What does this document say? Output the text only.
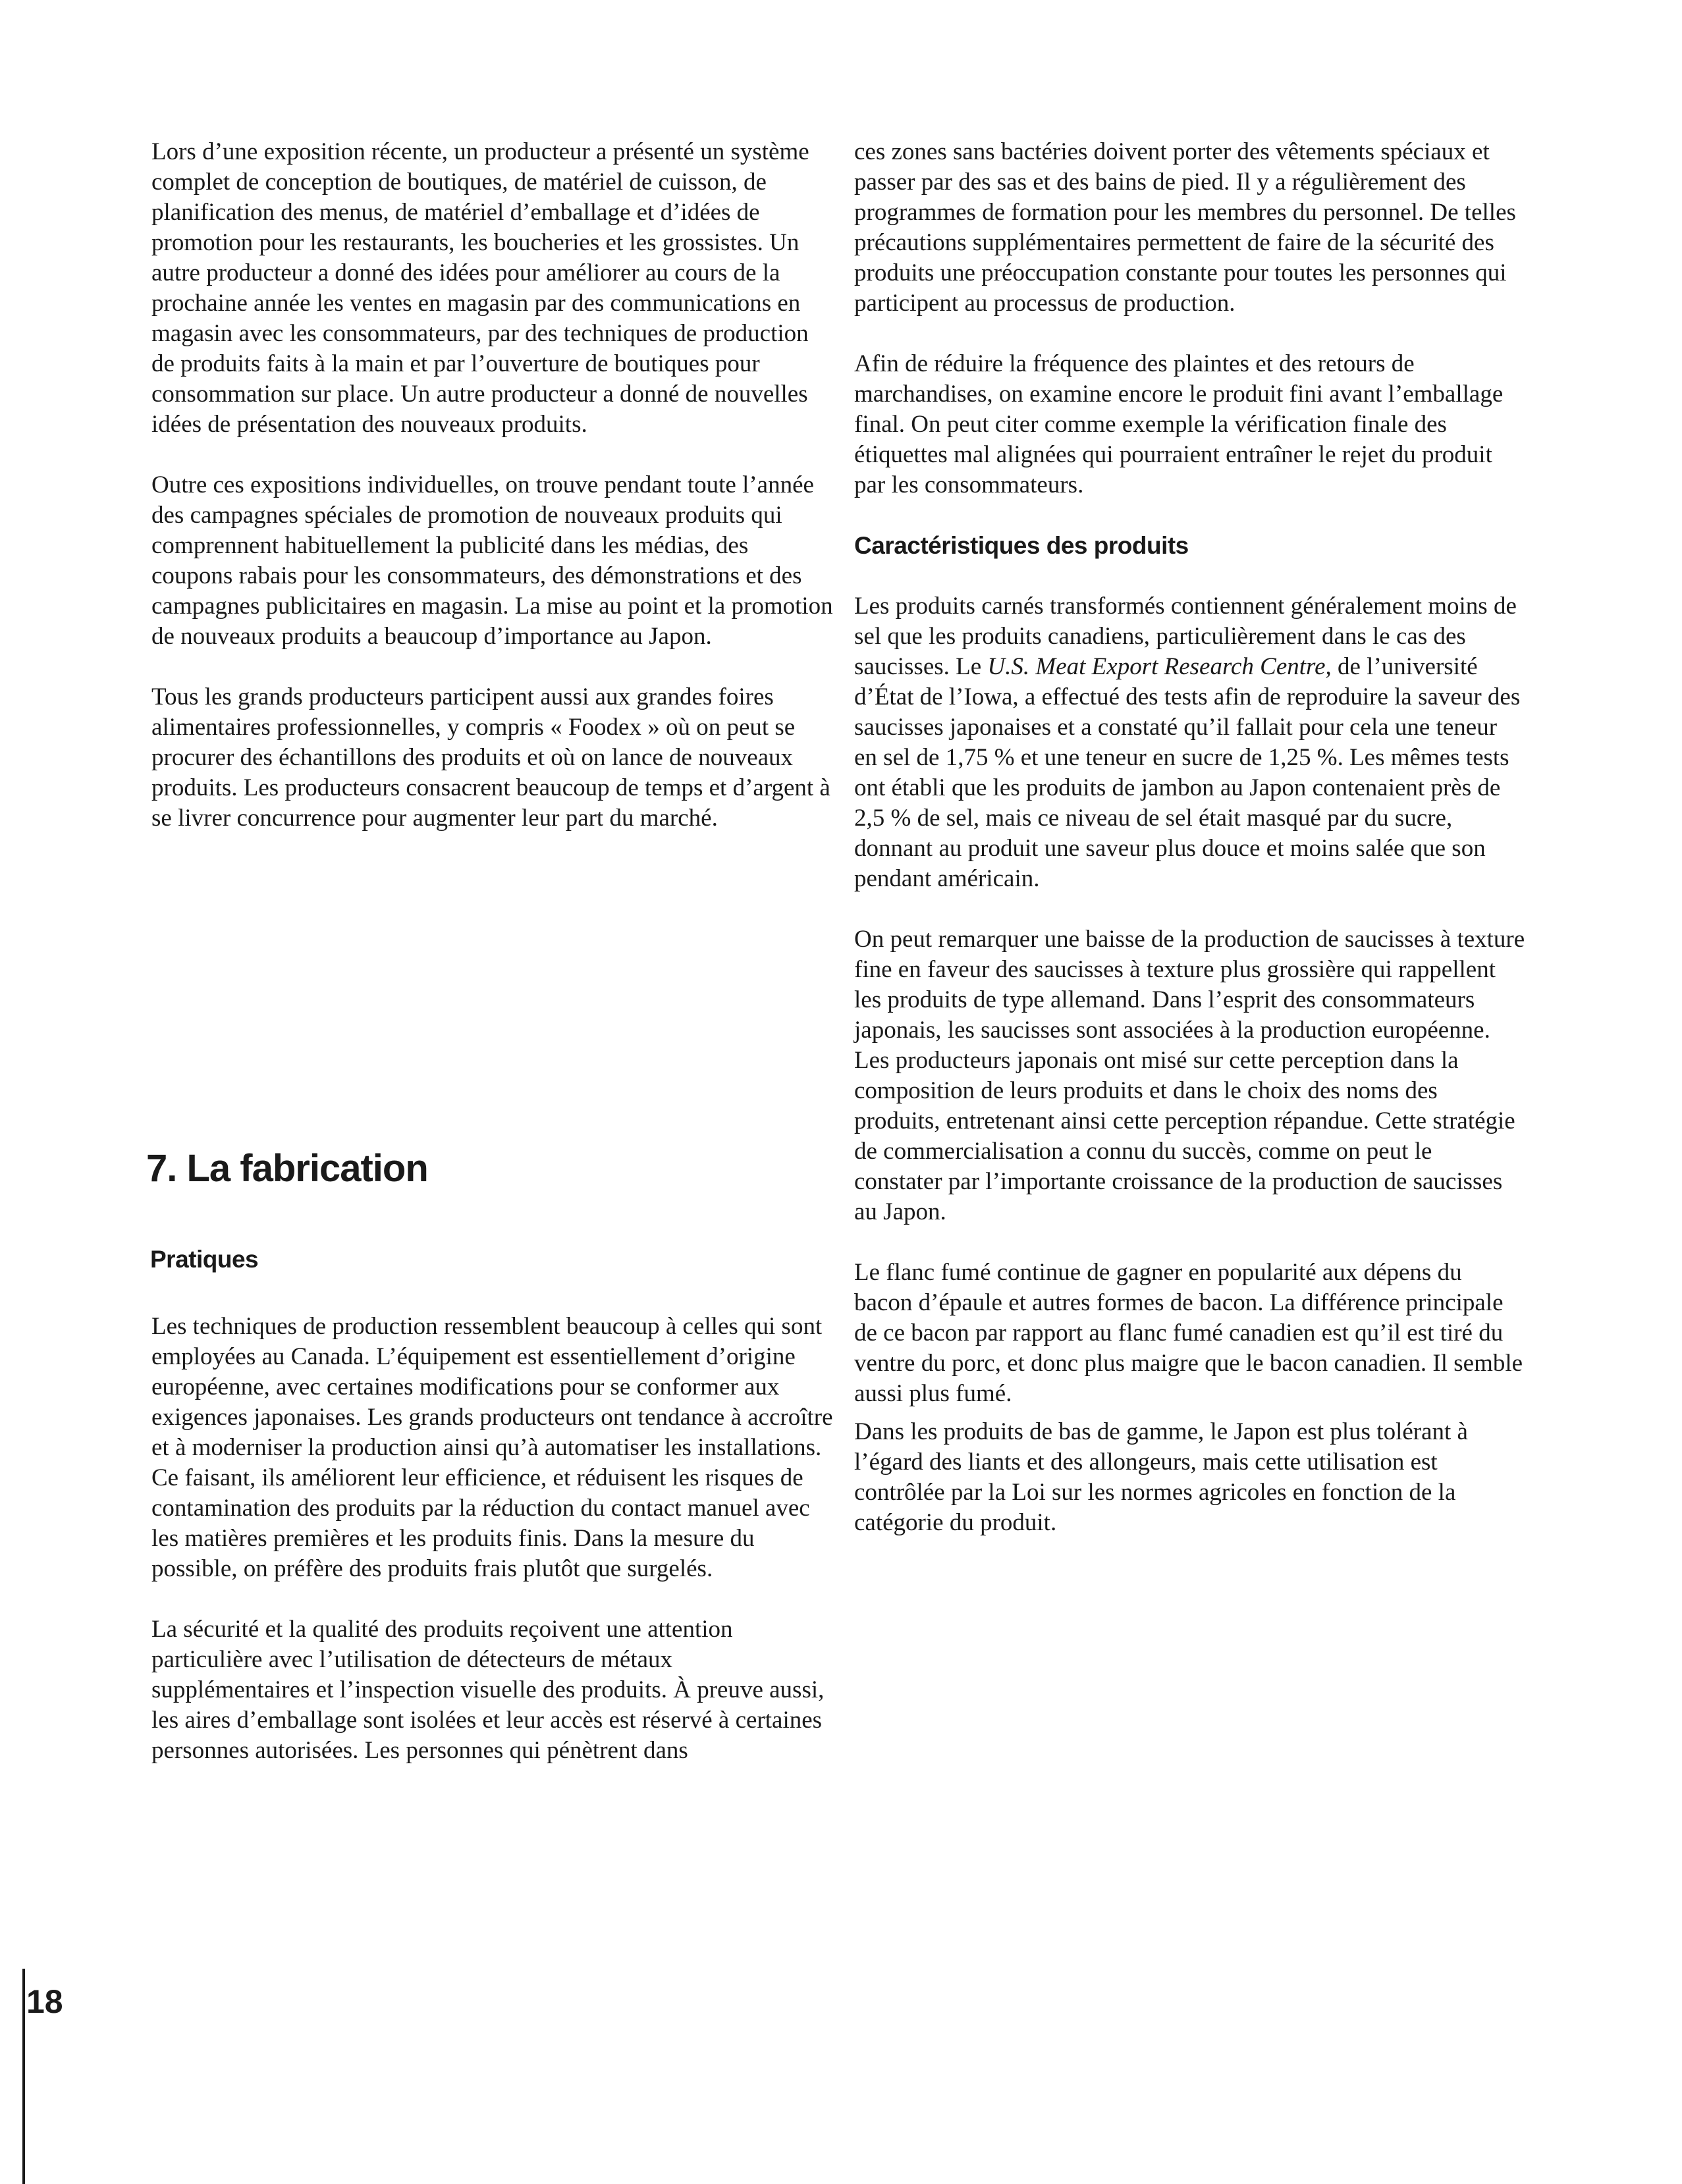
Lors d’une exposition récente, un producteur a présenté un système complet de conception de boutiques, de matériel de cuisson, de planification des menus, de matériel d’emballage et d’idées de promotion pour les restaurants, les boucheries et les grossistes. Un autre producteur a donné des idées pour améliorer au cours de la prochaine année les ventes en magasin par des communications en magasin avec les consommateurs, par des techniques de production de produits faits à la main et par l’ouverture de boutiques pour consommation sur place. Un autre producteur a donné de nouvelles idées de présentation des nouveaux produits.

Outre ces expositions individuelles, on trouve pendant toute l’année des campagnes spéciales de promotion de nouveaux produits qui comprennent habituellement la publicité dans les médias, des coupons rabais pour les consommateurs, des démonstrations et des campagnes publicitaires en magasin. La mise au point et la promotion de nouveaux produits a beaucoup d’importance au Japon.

Tous les grands producteurs participent aussi aux grandes foires alimentaires professionnelles, y compris « Foodex » où on peut se procurer des échantillons des produits et où on lance de nouveaux produits. Les producteurs consacrent beaucoup de temps et d’argent à se livrer concurrence pour augmenter leur part du marché.

7. La fabrication
Pratiques

Les techniques de production ressemblent beaucoup à celles qui sont employées au Canada. L’équipement est essentiellement d’origine européenne, avec certaines modifications pour se conformer aux exigences japonaises. Les grands producteurs ont tendance à accroître et à moderniser la production ainsi qu’à automatiser les installations. Ce faisant, ils améliorent leur efficience, et réduisent les risques de contamination des produits par la réduction du contact manuel avec les matières premières et les produits finis. Dans la mesure du possible, on préfère des produits frais plutôt que surgelés.

La sécurité et la qualité des produits reçoivent une attention particulière avec l’utilisation de détecteurs de métaux supplémentaires et l’inspection visuelle des produits. À preuve aussi, les aires d’emballage sont isolées et leur accès est réservé à certaines personnes autorisées. Les personnes qui pénètrent dans

ces zones sans bactéries doivent porter des vêtements spéciaux et passer par des sas et des bains de pied. Il y a régulièrement des programmes de formation pour les membres du personnel. De telles précautions supplémentaires permettent de faire de la sécurité des produits une préoccupation constante pour toutes les personnes qui participent au processus de production.

Afin de réduire la fréquence des plaintes et des retours de marchandises, on examine encore le produit fini avant l’emballage final. On peut citer comme exemple la vérification finale des étiquettes mal alignées qui pourraient entraîner le rejet du produit par les consommateurs.

Caractéristiques des produits

Les produits carnés transformés contiennent généralement moins de sel que les produits canadiens, particulièrement dans le cas des saucisses. Le U.S. Meat Export Research Centre, de l’université d’État de l’Iowa, a effectué des tests afin de reproduire la saveur des saucisses japonaises et a constaté qu’il fallait pour cela une teneur en sel de 1,75 % et une teneur en sucre de 1,25 %. Les mêmes tests ont établi que les produits de jambon au Japon contenaient près de 2,5 % de sel, mais ce niveau de sel était masqué par du sucre, donnant au produit une saveur plus douce et moins salée que son pendant américain.

On peut remarquer une baisse de la production de saucisses à texture fine en faveur des saucisses à texture plus grossière qui rappellent les produits de type allemand. Dans l’esprit des consommateurs japonais, les saucisses sont associées à la production européenne. Les producteurs japonais ont misé sur cette perception dans la composition de leurs produits et dans le choix des noms des produits, entretenant ainsi cette perception répandue. Cette stratégie de commercialisation a connu du succès, comme on peut le constater par l’importante croissance de la production de saucisses au Japon.

Le flanc fumé continue de gagner en popularité aux dépens du bacon d’épaule et autres formes de bacon. La différence principale de ce bacon par rapport au flanc fumé canadien est qu’il est tiré du ventre du porc, et donc plus maigre que le bacon canadien. Il semble aussi plus fumé.

Dans les produits de bas de gamme, le Japon est plus tolérant à l’égard des liants et des allongeurs, mais cette utilisation est contrôlée par la Loi sur les normes agricoles en fonction de la catégorie du produit.

18
